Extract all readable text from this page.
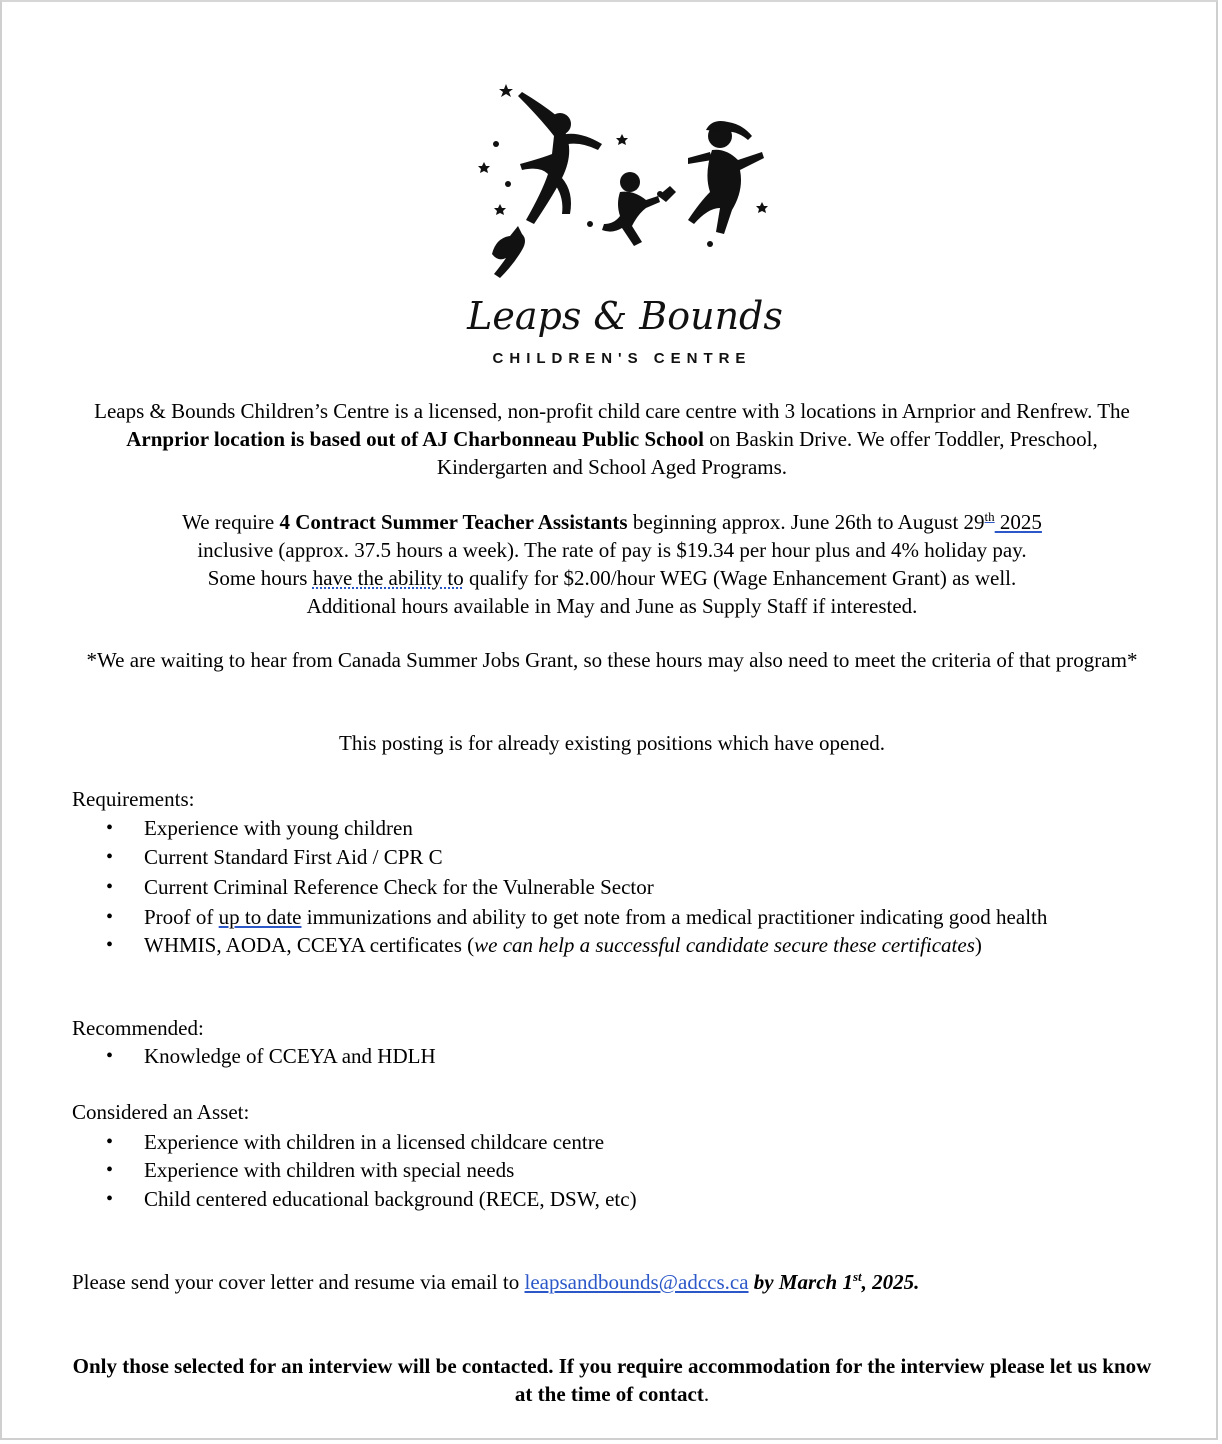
Leaps & Bounds
CHILDREN'S CENTRE

Leaps & Bounds Children’s Centre is a licensed, non-profit child care centre with 3 locations in Arnprior and Renfrew. The Arnprior location is based out of AJ Charbonneau Public School on Baskin Drive. We offer Toddler, Preschool, Kindergarten and School Aged Programs.

We require 4 Contract Summer Teacher Assistants beginning approx. June 26th to August 29th 2025
inclusive (approx. 37.5 hours a week). The rate of pay is $19.34 per hour plus and 4% holiday pay.
Some hours have the ability to qualify for $2.00/hour WEG (Wage Enhancement Grant) as well.
Additional hours available in May and June as Supply Staff if interested.

*We are waiting to hear from Canada Summer Jobs Grant, so these hours may also need to meet the criteria of that program*

This posting is for already existing positions which have opened.

Requirements:
• Experience with young children
• Current Standard First Aid / CPR C
• Current Criminal Reference Check for the Vulnerable Sector
• Proof of up to date immunizations and ability to get note from a medical practitioner indicating good health
• WHMIS, AODA, CCEYA certificates (we can help a successful candidate secure these certificates)
Recommended:
• Knowledge of CCEYA and HDLH
Considered an Asset:
• Experience with children in a licensed childcare centre
• Experience with children with special needs
• Child centered educational background (RECE, DSW, etc)

Please send your cover letter and resume via email to leapsandbounds@adccs.ca by March 1st, 2025.

Only those selected for an interview will be contacted. If you require accommodation for the interview please let us know at the time of contact.
